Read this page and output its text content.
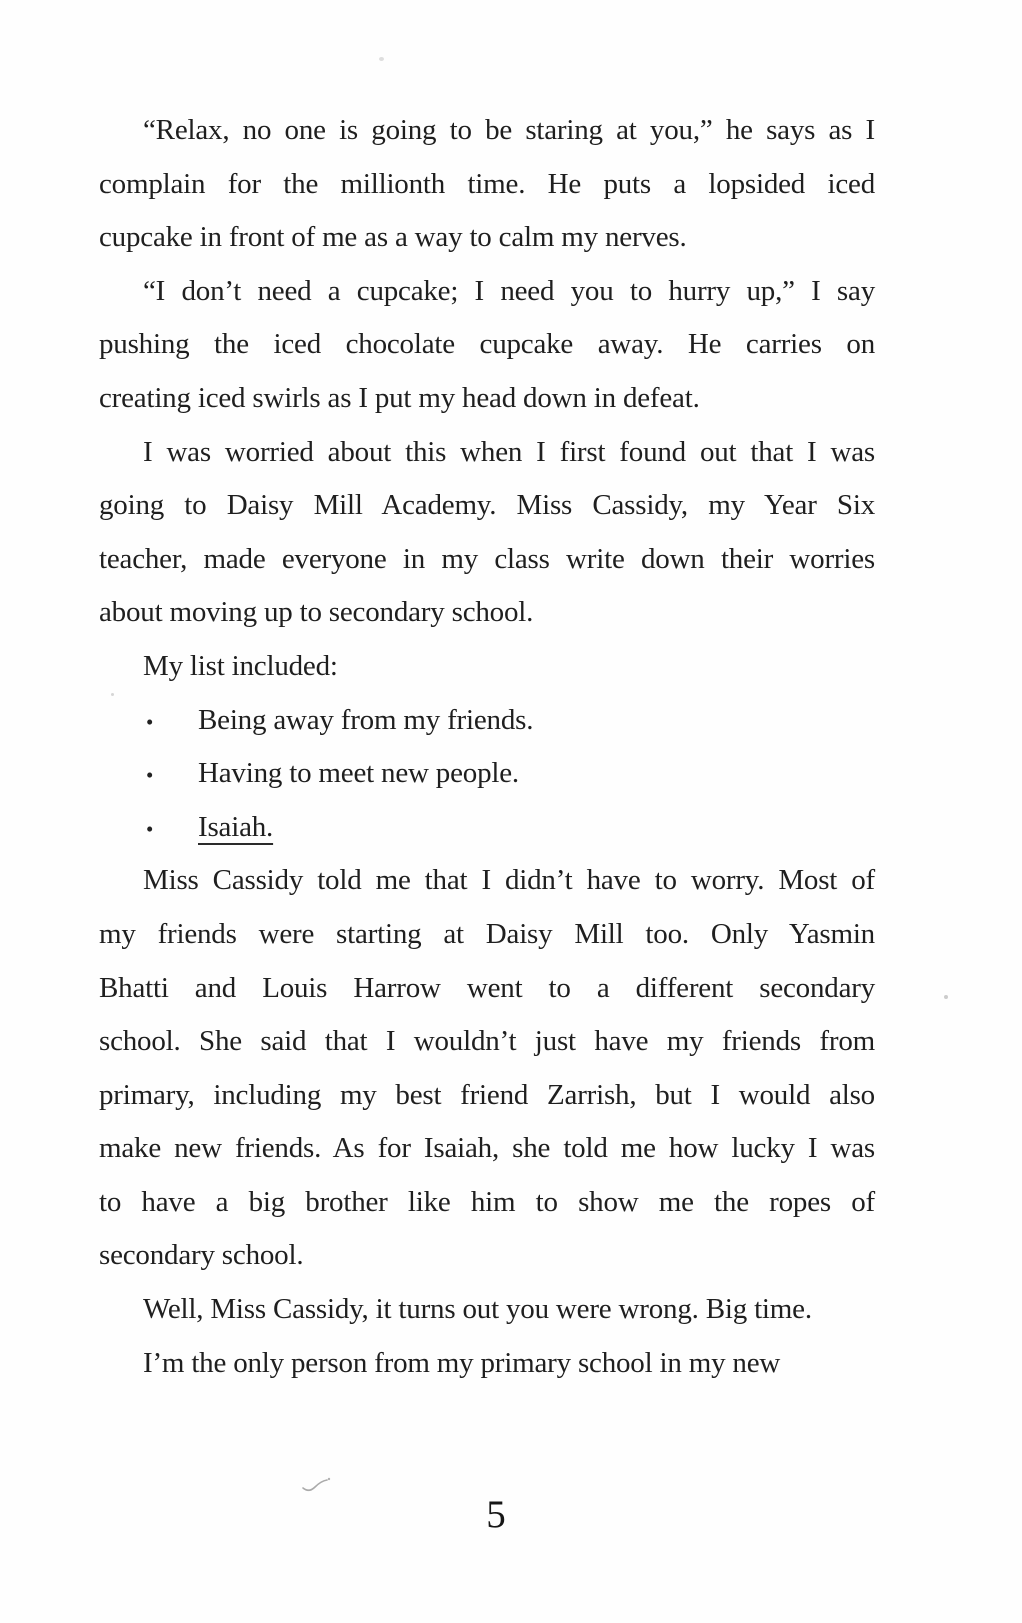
“Relax, no one is going to be staring at you,” he says as I
complain for the millionth time. He puts a lopsided iced
cupcake in front of me as a way to calm my nerves.
“I don’t need a cupcake; I need you to hurry up,” I say
pushing the iced chocolate cupcake away. He carries on
creating iced swirls as I put my head down in defeat.
I was worried about this when I first found out that I was
going to Daisy Mill Academy. Miss Cassidy, my Year Six
teacher, made everyone in my class write down their worries
about moving up to secondary school.
My list included:
• Being away from my friends.
• Having to meet new people.
• Isaiah.
Miss Cassidy told me that I didn’t have to worry. Most of
my friends were starting at Daisy Mill too. Only Yasmin
Bhatti and Louis Harrow went to a different secondary
school. She said that I wouldn’t just have my friends from
primary, including my best friend Zarrish, but I would also
make new friends. As for Isaiah, she told me how lucky I was
to have a big brother like him to show me the ropes of
secondary school.
Well, Miss Cassidy, it turns out you were wrong. Big time.
I’m the only person from my primary school in my new
5
